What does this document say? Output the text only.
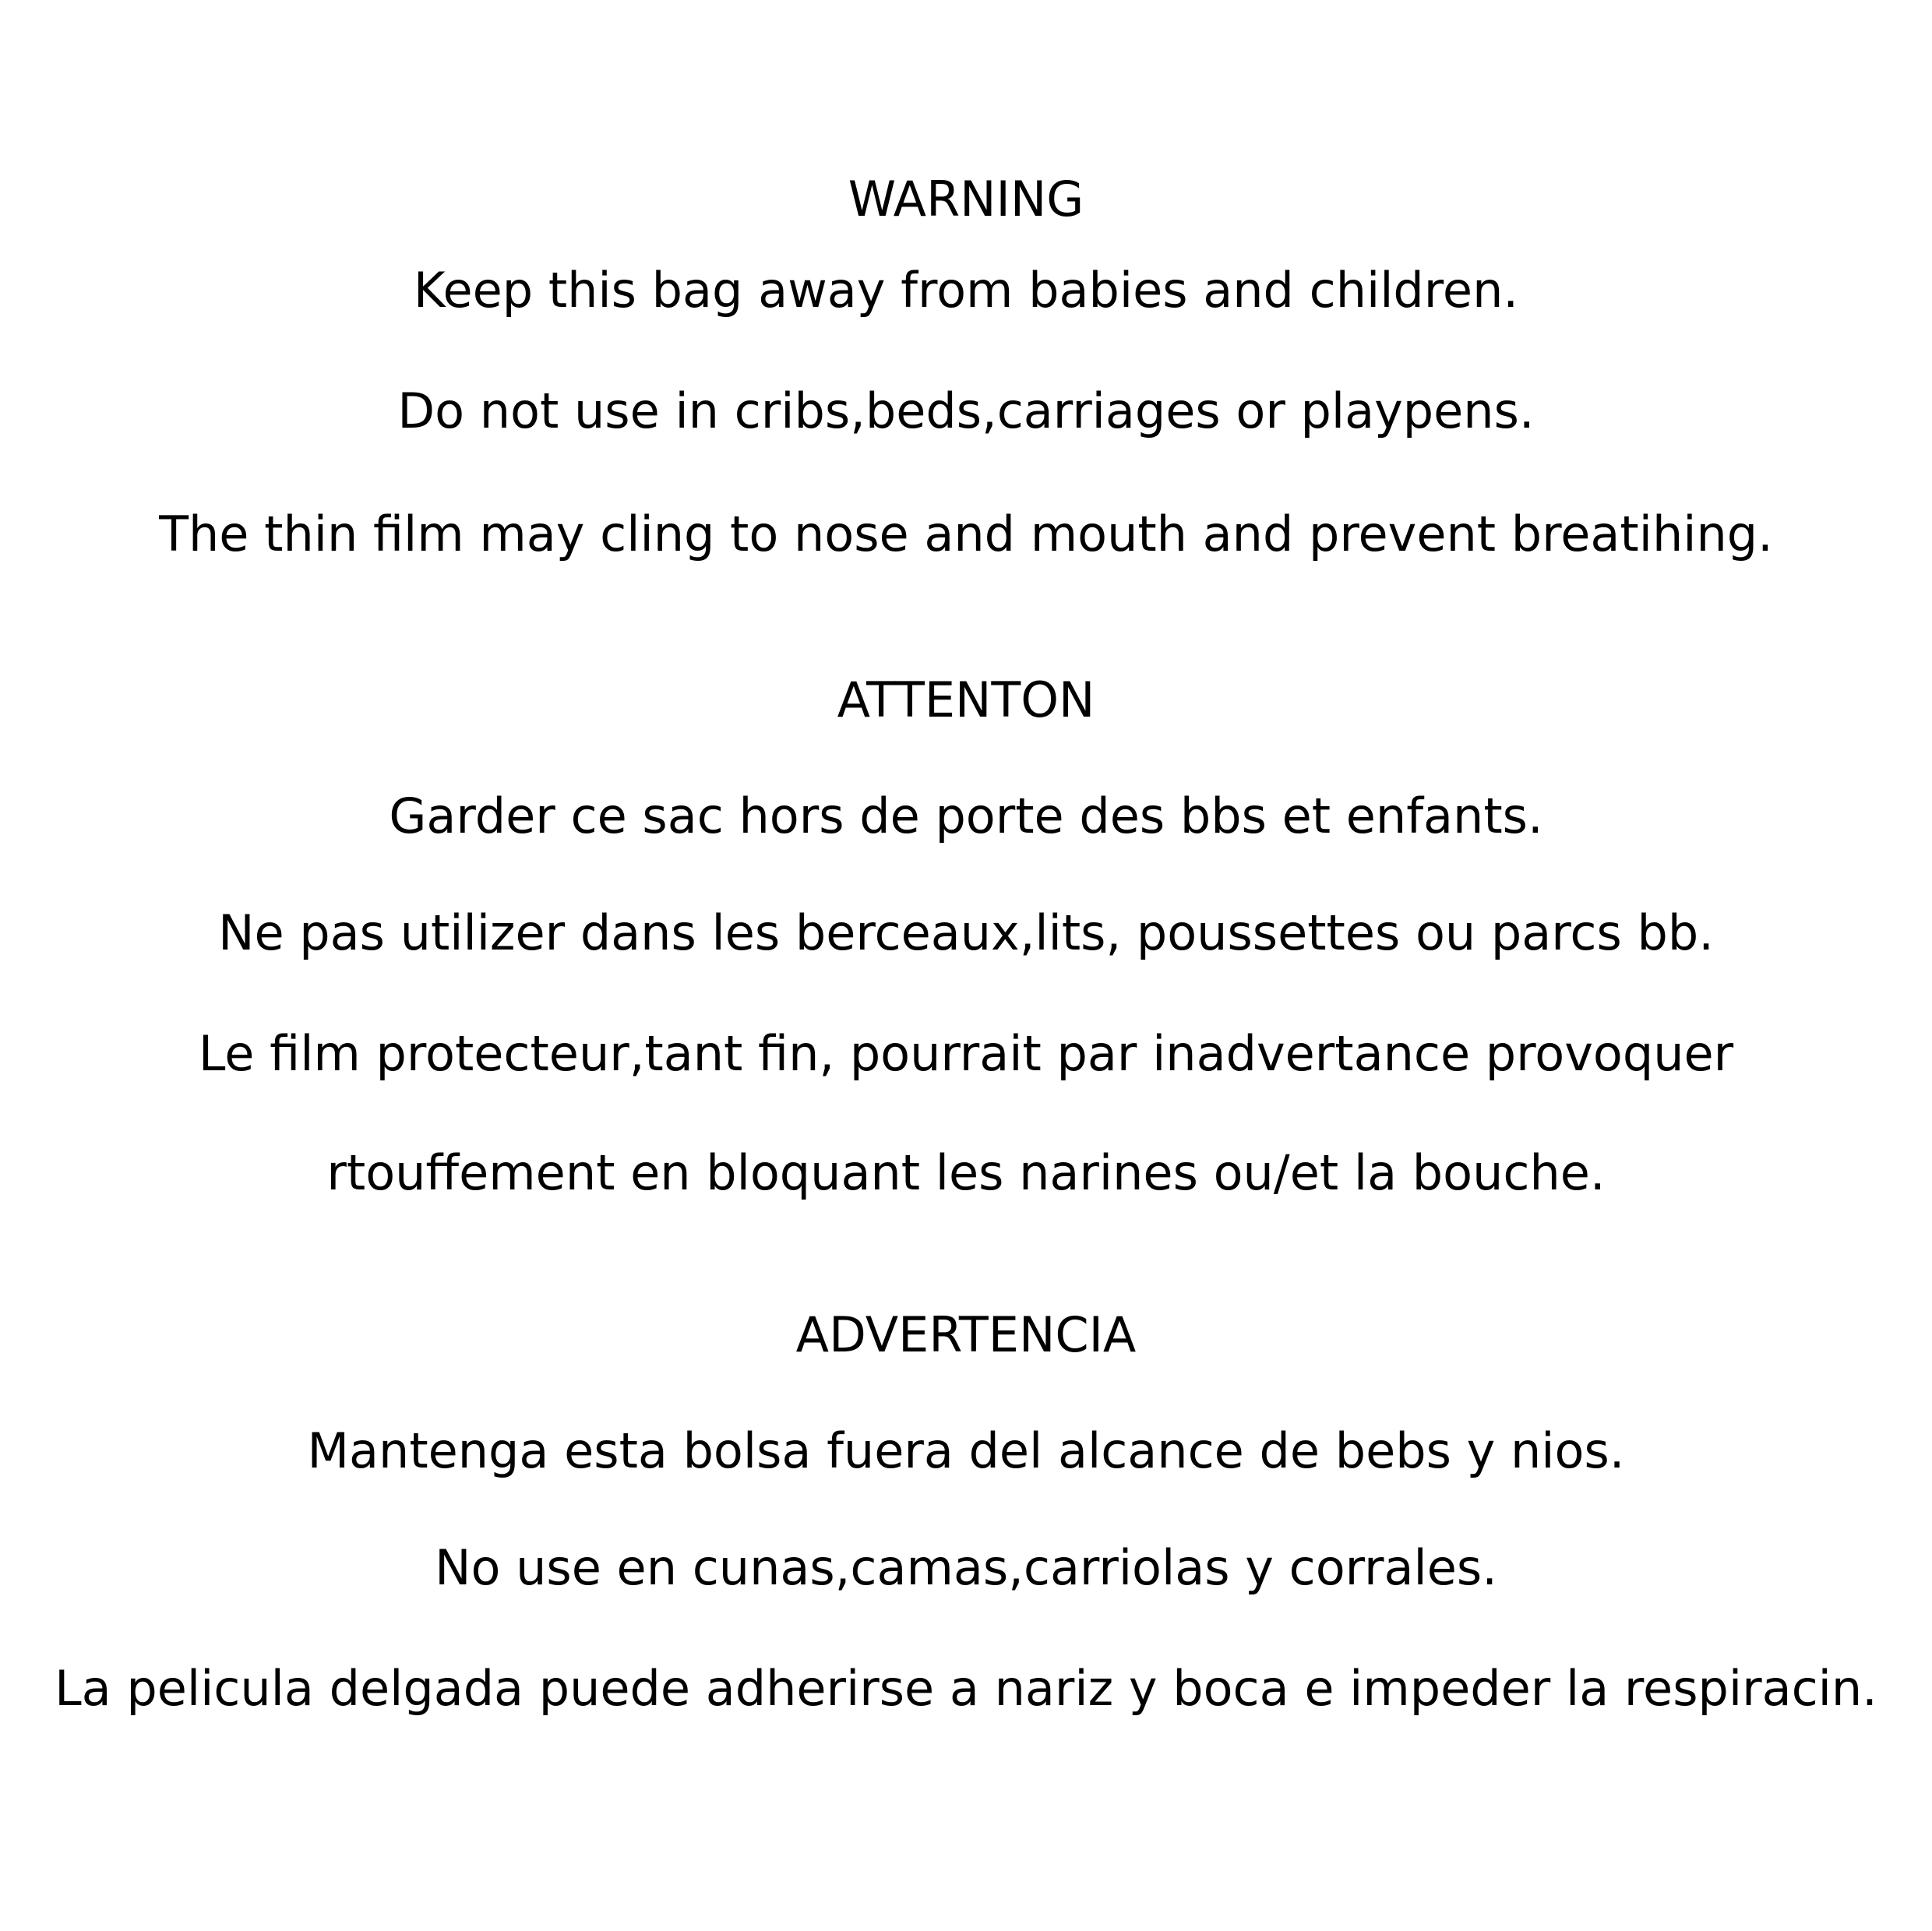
WARNING

Keep this bag away from babies and children.

Do not use in cribs,beds,carriages or playpens.

The thin film may cling to nose and mouth and prevent breatihing.

ATTENTON

Garder ce sac hors de porte des bbs et enfants.

Ne pas utilizer dans les berceaux,lits, poussettes ou parcs bb.

Le film protecteur,tant fin, pourrait par inadvertance provoquer

rtouffement en bloquant les narines ou/et la bouche.

ADVERTENCIA

Mantenga esta bolsa fuera del alcance de bebs y nios.

No use en cunas,camas,carriolas y corrales.

La pelicula delgada puede adherirse a nariz y boca e impeder la respiracin.
